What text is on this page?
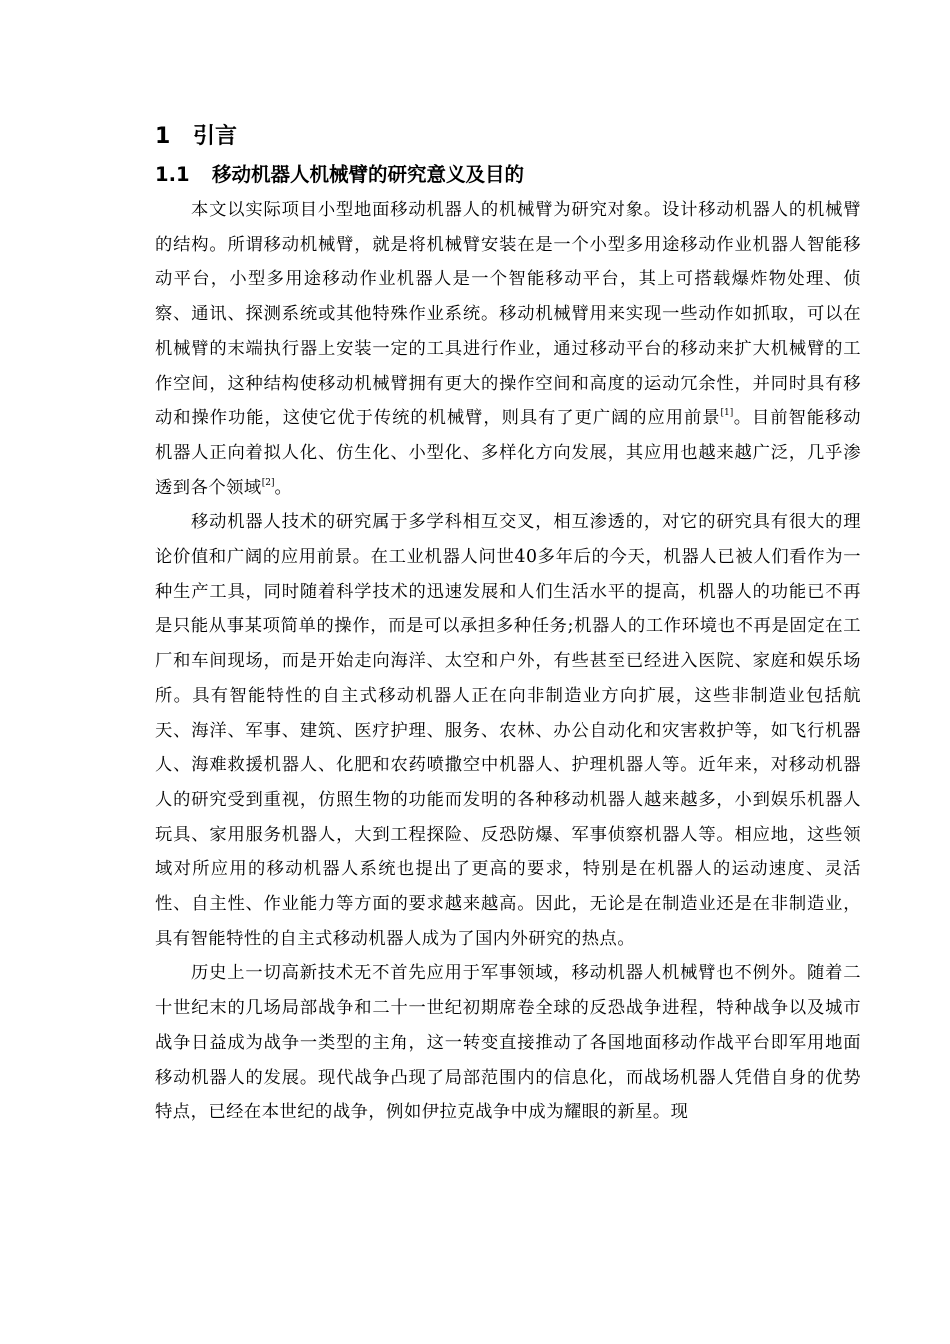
1 引言
1.1 移动机器人机械臂的研究意义及目的

本文以实际项目小型地面移动机器人的机械臂为研究对象。设计移动机器人的机械臂的结构。所谓移动机械臂，就是将机械臂安装在是一个小型多用途移动作业机器人智能移动平台，小型多用途移动作业机器人是一个智能移动平台，其上可搭载爆炸物处理、侦察、通讯、探测系统或其他特殊作业系统。移动机械臂用来实现一些动作如抓取，可以在机械臂的末端执行器上安装一定的工具进行作业，通过移动平台的移动来扩大机械臂的工作空间，这种结构使移动机械臂拥有更大的操作空间和高度的运动冗余性，并同时具有移动和操作功能，这使它优于传统的机械臂，则具有了更广阔的应用前景[1]。目前智能移动机器人正向着拟人化、仿生化、小型化、多样化方向发展，其应用也越来越广泛，几乎渗透到各个领域[2]。

移动机器人技术的研究属于多学科相互交叉，相互渗透的，对它的研究具有很大的理论价值和广阔的应用前景。在工业机器人问世40多年后的今天，机器人已被人们看作为一种生产工具，同时随着科学技术的迅速发展和人们生活水平的提高，机器人的功能已不再是只能从事某项简单的操作，而是可以承担多种任务;机器人的工作环境也不再是固定在工厂和车间现场，而是开始走向海洋、太空和户外，有些甚至已经进入医院、家庭和娱乐场所。具有智能特性的自主式移动机器人正在向非制造业方向扩展，这些非制造业包括航天、海洋、军事、建筑、医疗护理、服务、农林、办公自动化和灾害救护等，如飞行机器人、海难救援机器人、化肥和农药喷撒空中机器人、护理机器人等。近年来，对移动机器人的研究受到重视，仿照生物的功能而发明的各种移动机器人越来越多，小到娱乐机器人玩具、家用服务机器人，大到工程探险、反恐防爆、军事侦察机器人等。相应地，这些领域对所应用的移动机器人系统也提出了更高的要求，特别是在机器人的运动速度、灵活性、自主性、作业能力等方面的要求越来越高。因此，无论是在制造业还是在非制造业，具有智能特性的自主式移动机器人成为了国内外研究的热点。

历史上一切高新技术无不首先应用于军事领域，移动机器人机械臂也不例外。随着二十世纪末的几场局部战争和二十一世纪初期席卷全球的反恐战争进程，特种战争以及城市战争日益成为战争一类型的主角，这一转变直接推动了各国地面移动作战平台即军用地面移动机器人的发展。现代战争凸现了局部范围内的信息化，而战场机器人凭借自身的优势特点，已经在本世纪的战争，例如伊拉克战争中成为耀眼的新星。现
